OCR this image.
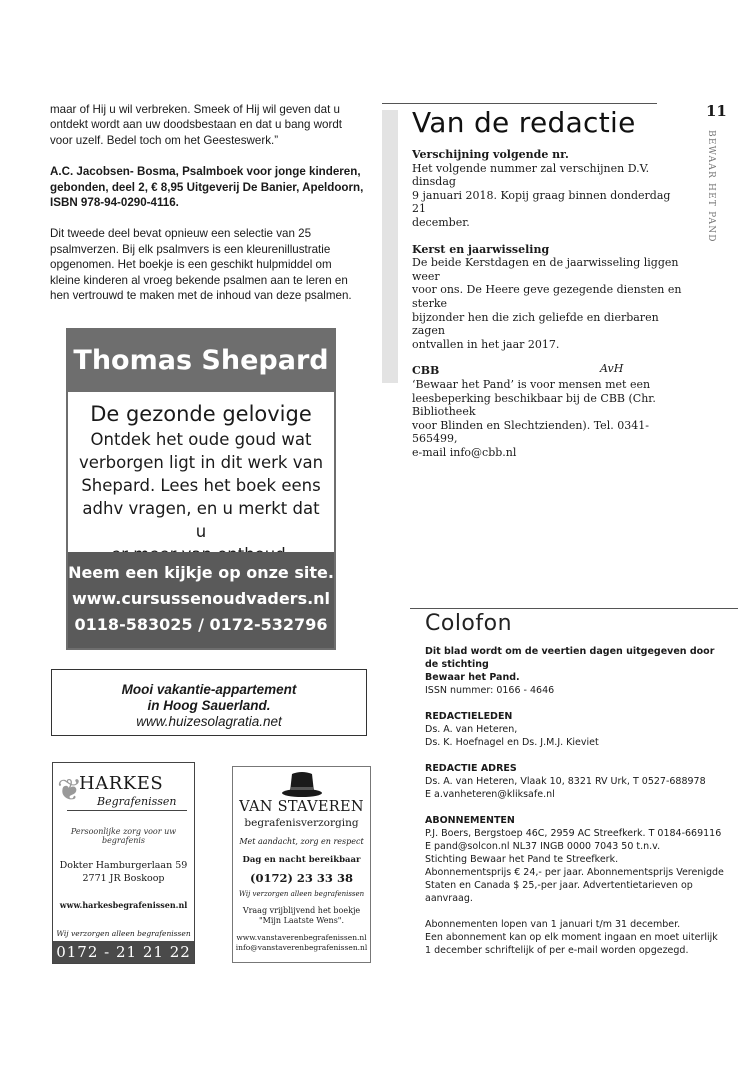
maar of Hij u wil verbreken. Smeek of Hij wil geven dat u
ontdekt wordt aan uw doodsbestaan en dat u bang wordt
voor uzelf. Bedel toch om het Geesteswerk.”

A.C. Jacobsen- Bosma, Psalmboek voor jonge kinderen,
gebonden, deel 2, € 8,95 Uitgeverij De Banier, Apeldoorn,
ISBN 978-94-0290-4116.

Dit tweede deel bevat opnieuw een selectie van 25
psalmverzen. Bij elk psalmvers is een kleurenillustratie
opgenomen. Het boekje is een geschikt hulpmiddel om
kleine kinderen al vroeg bekende psalmen aan te leren en
hen vertrouwd te maken met de inhoud van deze psalmen.

Thomas Shepard
De gezonde gelovige
Ontdek het oude goud wat
verborgen ligt in dit werk van
Shepard. Lees het boek eens
adhv vragen, en u merkt dat u

Neem een kijkje op onze site.
www.cursussenoudvaders.nl
0118-583025 / 0172-532796
Mooi vakantie-appartement
in Hoog Sauerland.
www.huizesolagratia.net
❦
HARKES
Begrafenissen
Persoonlijke zorg voor uw begrafenis
Dokter Hamburgerlaan 59
2771 JR Boskoop
www.harkesbegrafenissen.nl
Wij verzorgen alleen begrafenissen
0172 - 21 21 22
VAN STAVEREN
begrafenisverzorging
Met aandacht, zorg en respect
Dag en nacht bereikbaar
(0172) 23 33 38
Wij verzorgen alleen begrafenissen
Vraag vrijblijvend het boekje
"Mijn Laatste Wens".
www.vanstaverenbegrafenissen.nl
info@vanstaverenbegrafenissen.nl
11
BEWAAR HET PAND
Van de redactie
Verschijning volgende nr.
Het volgende nummer zal verschijnen D.V. dinsdag
9 januari 2018. Kopij graag binnen donderdag 21
december.
Kerst en jaarwisseling
De beide Kerstdagen en de jaarwisseling liggen weer
voor ons. De Heere geve gezegende diensten en sterke
bijzonder hen die zich geliefde en dierbaren zagen
ontvallen in het jaar 2017.
CBB
‘Bewaar het Pand’ is voor mensen met een
leesbeperking beschikbaar bij de CBB (Chr. Bibliotheek
voor Blinden en Slechtzienden). Tel. 0341- 565499,
e-mail info@cbb.nl
AvH
Colofon
Dit blad wordt om de veertien dagen uitgegeven door de stichting
Bewaar het Pand.
ISSN nummer: 0166 - 4646
REDACTIELEDEN
Ds. A. van Heteren,
Ds. K. Hoefnagel en Ds. J.M.J. Kieviet
REDACTIE ADRES
Ds. A. van Heteren, Vlaak 10, 8321 RV Urk, T 0527-688978
E a.vanheteren@kliksafe.nl
ABONNEMENTEN
P.J. Boers, Bergstoep 46C, 2959 AC Streefkerk. T 0184-669116
E pand@solcon.nl NL37 INGB 0000 7043 50 t.n.v.
Stichting Bewaar het Pand te Streefkerk.
Abonnementsprijs € 24,- per jaar. Abonnementsprijs Verenigde
Staten en Canada $ 25,-per jaar. Advertentietarieven op aanvraag.
Abonnementen lopen van 1 januari t/m 31 december.
Een abonnement kan op elk moment ingaan en moet uiterlijk
1 december schriftelijk of per e-mail worden opgezegd.
